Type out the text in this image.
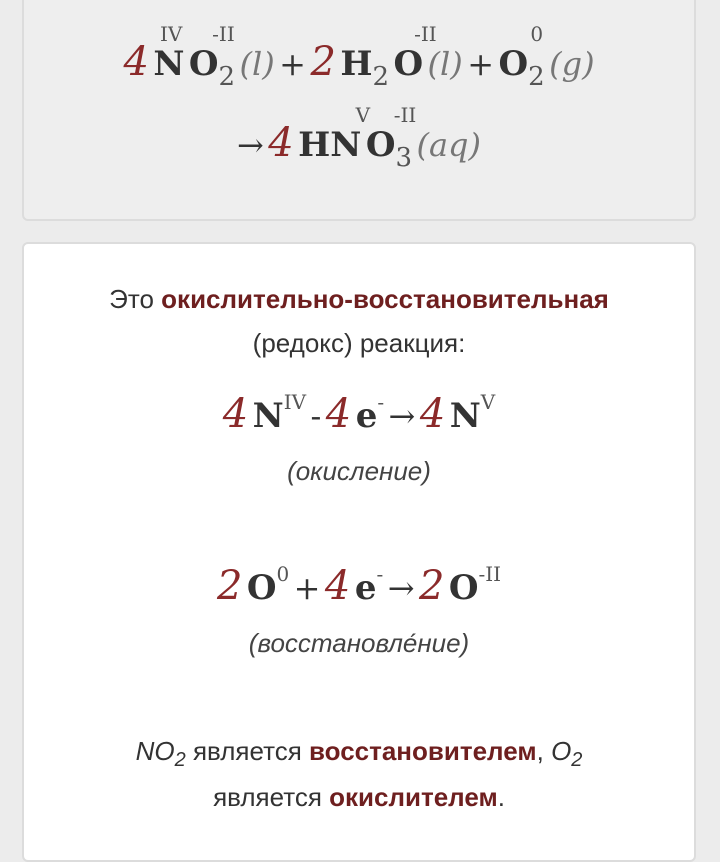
4 N
IV
$O_2$
-II
(l) + 2 $H_2$ O
-II
$(l) + O_2$
0
(g)
→ 4 HN
V
$O_3$
-II
(aq)
Это окислительно-восстановительная
(редокс) реакция:
4 $N^{IV} - 4$ e- → 4 $N^V$
(окисление)
2 $O^0 + 4$ e- → 2 $O^{-II}$
(восстановле́ние)
$NO_2$ является восстановителем, $O_2$
является окислителем.
